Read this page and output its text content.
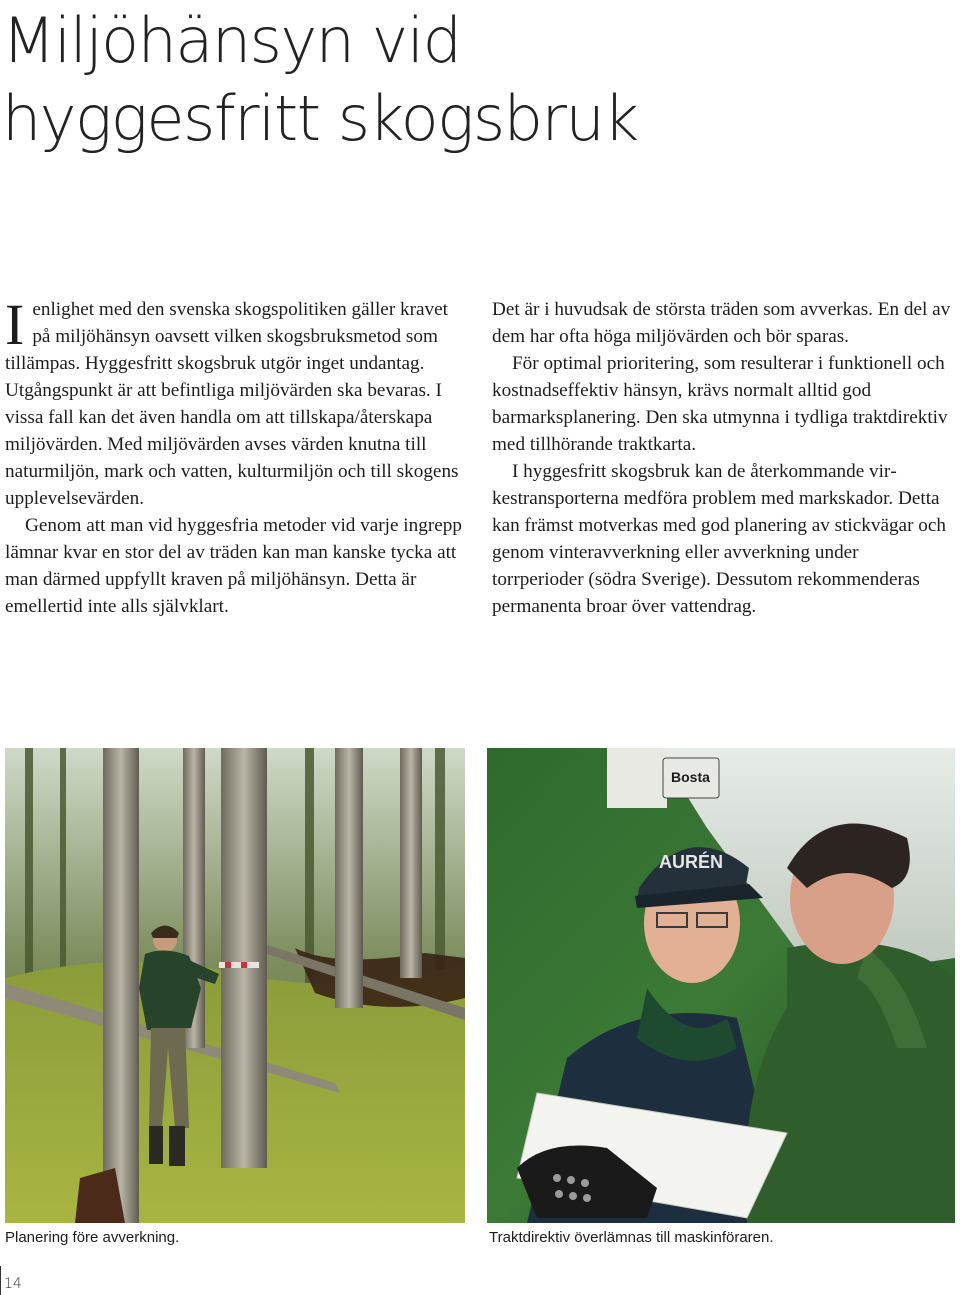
Miljöhänsyn vid
hyggesfritt skogsbruk

Ienlighet med den svenska skogspolitiken gäller kravet på miljöhänsyn oavsett vilken skogsbruksmetod som tillämpas. Hyggesfritt skogsbruk utgör inget undantag. Utgångspunkt är att befintliga miljövärden ska bevaras. I vissa fall kan det även handla om att tillskapa/återskapa miljövärden. Med miljövärden avses värden knutna till naturmiljön, mark och vatten, kulturmiljön och till skogens upplevelsevärden.

Genom att man vid hyggesfria metoder vid varje ingrepp lämnar kvar en stor del av träden kan man kanske tycka att man därmed uppfyllt kraven på miljöhänsyn. Detta är emellertid inte alls självklart.

Det är i huvudsak de största träden som avverkas. En del av dem har ofta höga miljövärden och bör sparas.

För optimal prioritering, som resulterar i funktionell och kostnadseffektiv hänsyn, krävs normalt alltid god barmarksplanering. Den ska utmynna i tydliga traktdirektiv med tillhörande traktkarta.

I hyggesfritt skogsbruk kan de återkommande virkestransporterna medföra problem med markskador. Detta kan främst motverkas med god planering av stickvägar och genom vinteravverkning eller avverkning under torrperioder (södra Sverige). Dessutom rekommenderas permanenta broar över vattendrag.

Bosta
AURÉN
Planering före avverkning.	Traktdirektiv överlämnas till maskinföraren.
14
